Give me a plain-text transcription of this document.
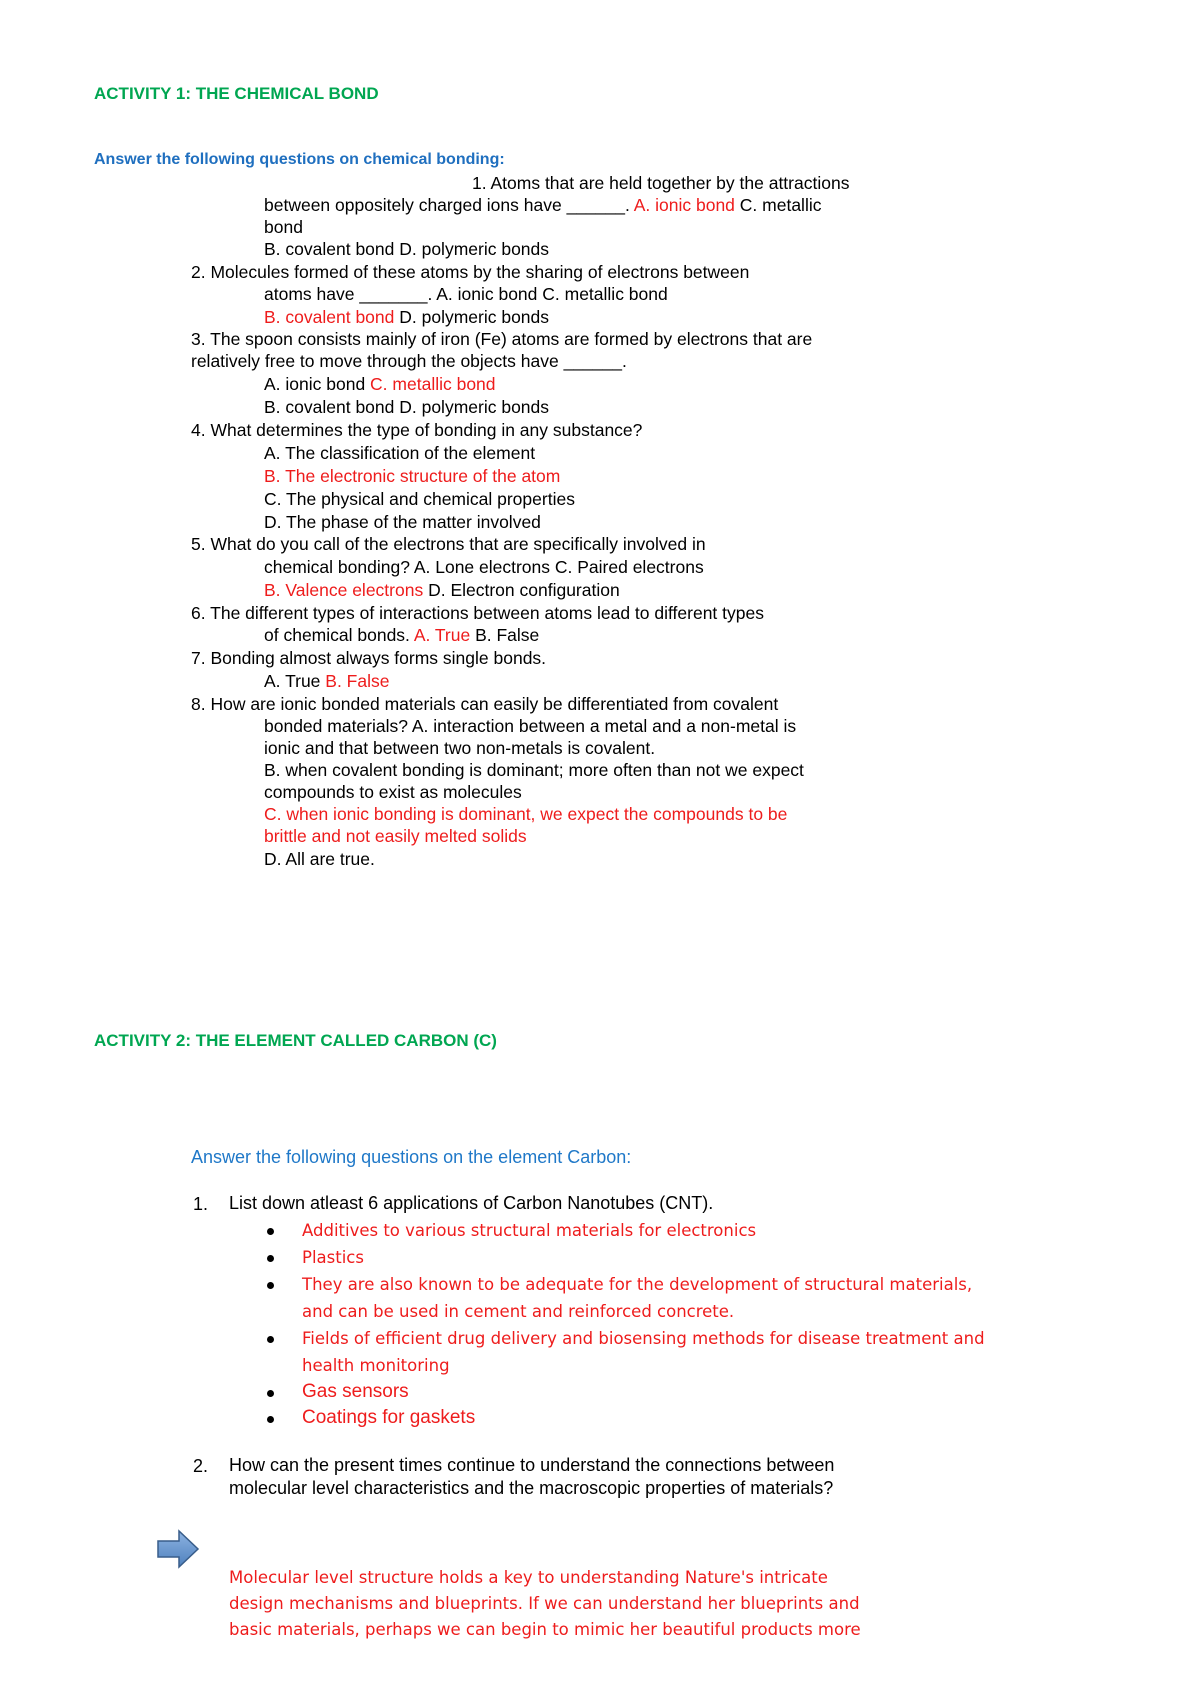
ACTIVITY 1: THE CHEMICAL BOND
Answer the following questions on chemical bonding:
1. Atoms that are held together by the attractions
between oppositely charged ions have ______. A. ionic bond C. metallic
bond
B. covalent bond D. polymeric bonds
2. Molecules formed of these atoms by the sharing of electrons between
atoms have _______. A. ionic bond C. metallic bond
B. covalent bond D. polymeric bonds
3. The spoon consists mainly of iron (Fe) atoms are formed by electrons that are
relatively free to move through the objects have ______.
A. ionic bond C. metallic bond
B. covalent bond D. polymeric bonds
4. What determines the type of bonding in any substance?
A. The classification of the element
B. The electronic structure of the atom
C. The physical and chemical properties
D. The phase of the matter involved
5. What do you call of the electrons that are specifically involved in
chemical bonding? A. Lone electrons C. Paired electrons
B. Valence electrons D. Electron configuration
6. The different types of interactions between atoms lead to different types
of chemical bonds. A. True B. False
7. Bonding almost always forms single bonds.
A. True B. False
8. How are ionic bonded materials can easily be differentiated from covalent
bonded materials? A. interaction between a metal and a non-metal is
ionic and that between two non-metals is covalent.
B. when covalent bonding is dominant; more often than not we expect
compounds to exist as molecules
C. when ionic bonding is dominant, we expect the compounds to be
brittle and not easily melted solids
D. All are true.
ACTIVITY 2: THE ELEMENT CALLED CARBON (C)
Answer the following questions on the element Carbon:
1. List down atleast 6 applications of Carbon Nanotubes (CNT).
Additives to various structural materials for electronics
Plastics
They are also known to be adequate for the development of structural materials,
and can be used in cement and reinforced concrete.
Fields of efficient drug delivery and biosensing methods for disease treatment and
health monitoring
Gas sensors
Coatings for gaskets
2. How can the present times continue to understand the connections between
molecular level characteristics and the macroscopic properties of materials?
Molecular level structure holds a key to understanding Nature's intricate
design mechanisms and blueprints. If we can understand her blueprints and
basic materials, perhaps we can begin to mimic her beautiful products more
